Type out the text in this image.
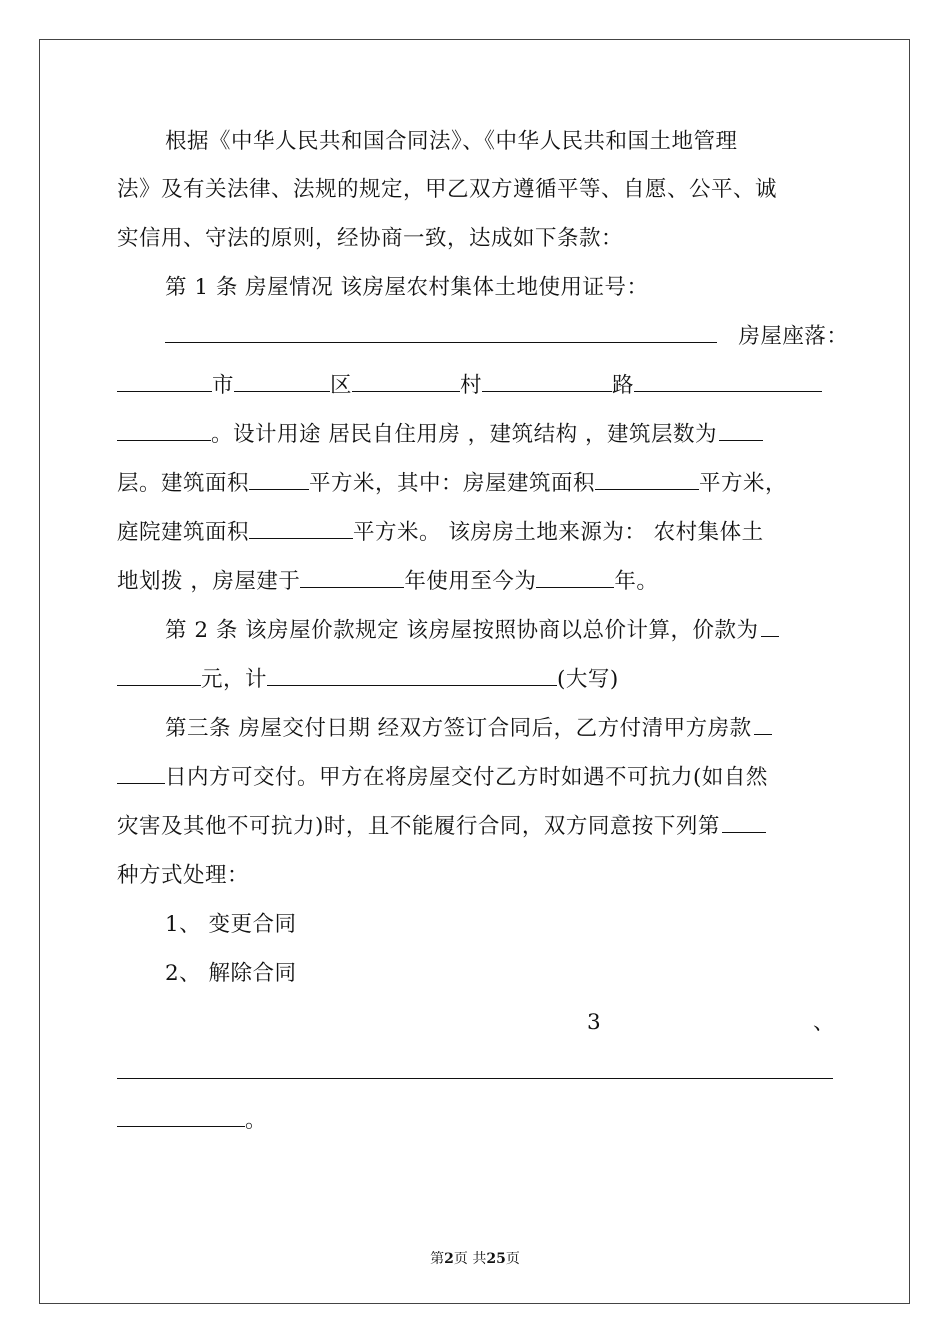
根据《中华人民共和国合同法》、《中华人民共和国土地管理
法》及有关法律、法规的规定，甲乙双方遵循平等、自愿、公平、诚
实信用、守法的原则，经协商一致，达成如下条款：
第 1 条 房屋情况 该房屋农村集体土地使用证号：
房屋座落：
市	区	村	路
。设计用途 居民自住用房 ，建筑结构 ，建筑层数为
层。建筑面积	平方米，其中：房屋建筑面积	平方米，
庭院建筑面积	平方米。 该房房土地来源为： 农村集体土
地划拨 ，房屋建于	年使用至今为	年。
第 2 条 该房屋价款规定 该房屋按照协商以总价计算，价款为
元，计	(大写)
第三条 房屋交付日期 经双方签订合同后，乙方付清甲方房款
日内方可交付。甲方在将房屋交付乙方时如遇不可抗力(如自然
灾害及其他不可抗力)时，且不能履行合同，双方同意按下列第
种方式处理：
1、 变更合同
2、 解除合同
3	、
。
第2页 共25页
